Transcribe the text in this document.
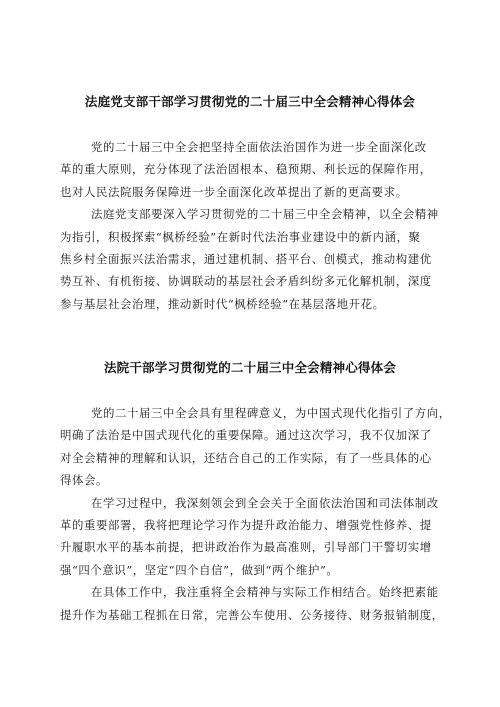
法庭党支部干部学习贯彻党的二十届三中全会精神心得体会

党的二十届三中全会把坚持全面依法治国作为进一步全面深化改
革的重大原则，充分体现了法治固根本、稳预期、利长远的保障作用，
也对人民法院服务保障进一步全面深化改革提出了新的更高要求。

法庭党支部要深入学习贯彻党的二十届三中全会精神，以全会精神
为指引，积极探索“枫桥经验”在新时代法治事业建设中的新内涵，聚
焦乡村全面振兴法治需求，通过建机制、搭平台、创模式，推动构建优
势互补、有机衔接、协调联动的基层社会矛盾纠纷多元化解机制，深度
参与基层社会治理，推动新时代“枫桥经验”在基层落地开花。

法院干部学习贯彻党的二十届三中全会精神心得体会

党的二十届三中全会具有里程碑意义，为中国式现代化指引了方向，
明确了法治是中国式现代化的重要保障。通过这次学习，我不仅加深了
对全会精神的理解和认识，还结合自己的工作实际，有了一些具体的心
得体会。

在学习过程中，我深刻领会到全会关于全面依法治国和司法体制改
革的重要部署，我将把理论学习作为提升政治能力、增强党性修养、提
升履职水平的基本前提，把讲政治作为最高准则，引导部门干警切实增
强“四个意识”，坚定“四个自信”，做到“两个维护”。

在具体工作中，我注重将全会精神与实际工作相结合。始终把素能
提升作为基础工程抓在日常，完善公车使用、公务接待、财务报销制度，
